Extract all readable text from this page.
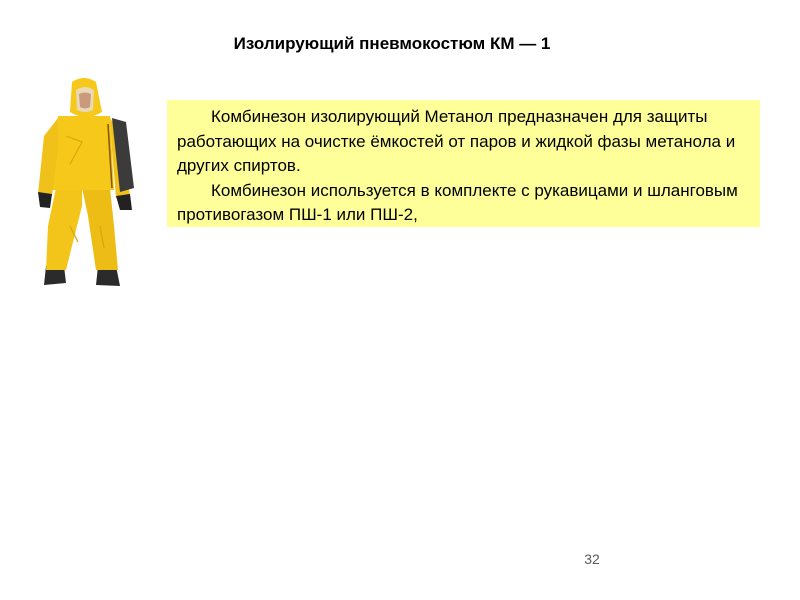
Изолирующий пневмокостюм КМ — 1

Комбинезон изолирующий Метанол предназначен для защиты работающих на очистке ёмкостей от паров и жидкой фазы метанола и других спиртов.

Комбинезон используется в комплекте с рукавицами и шланговым противогазом ПШ-1 или ПШ-2,

32
